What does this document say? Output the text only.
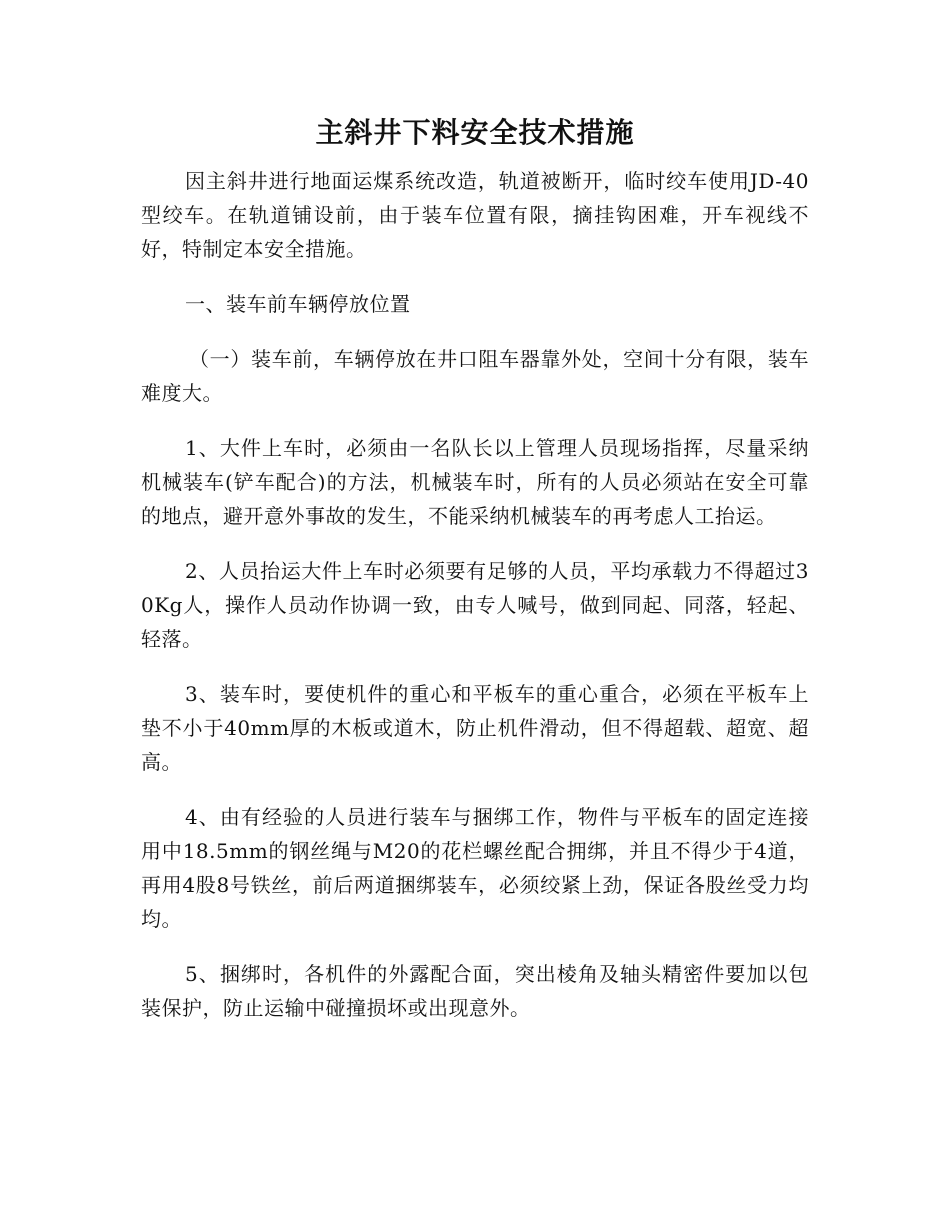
主斜井下料安全技术措施

因主斜井进行地面运煤系统改造，轨道被断开，临时绞车使用JD-40型绞车。在轨道铺设前，由于装车位置有限，摘挂钩困难，开车视线不好，特制定本安全措施。

一、装车前车辆停放位置

（一）装车前，车辆停放在井口阻车器靠外处，空间十分有限，装车难度大。

1、大件上车时，必须由一名队长以上管理人员现场指挥，尽量采纳机械装车(铲车配合)的方法，机械装车时，所有的人员必须站在安全可靠的地点，避开意外事故的发生，不能采纳机械装车的再考虑人工抬运。

2、人员抬运大件上车时必须要有足够的人员，平均承载力不得超过30Kg人，操作人员动作协调一致，由专人喊号，做到同起、同落，轻起、轻落。

3、装车时，要使机件的重心和平板车的重心重合，必须在平板车上垫不小于40mm厚的木板或道木，防止机件滑动，但不得超载、超宽、超高。

4、由有经验的人员进行装车与捆绑工作，物件与平板车的固定连接用中18.5mm的钢丝绳与M20的花栏螺丝配合拥绑，并且不得少于4道，再用4股8号铁丝，前后两道捆绑装车，必须绞紧上劲，保证各股丝受力均均。

5、捆绑时，各机件的外露配合面，突出棱角及轴头精密件要加以包装保护，防止运输中碰撞损坏或出现意外。
